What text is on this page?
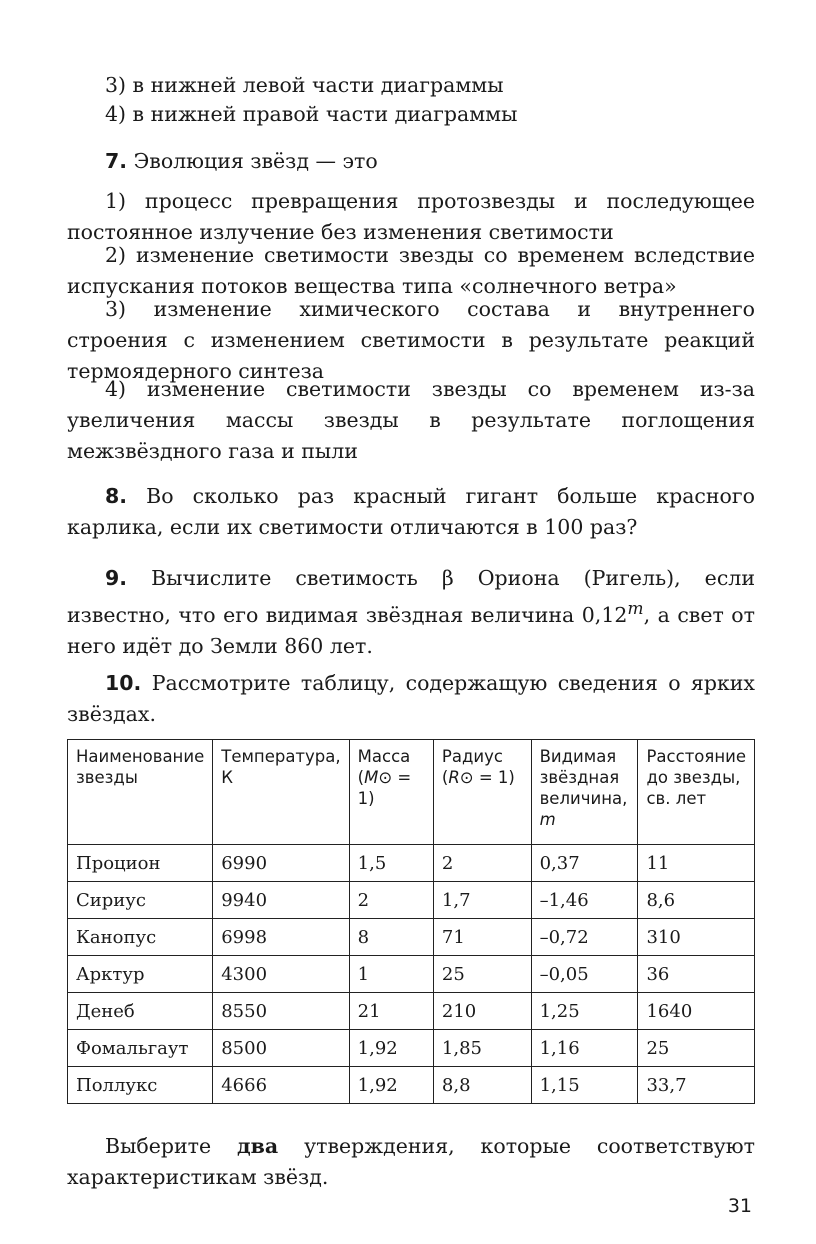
3) в нижней левой части диаграммы

4) в нижней правой части диаграммы

7. Эволюция звёзд — это

1) процесс превращения протозвезды и последующее постоянное излучение без изменения светимости

2) изменение светимости звезды со временем вследствие испускания потоков вещества типа «солнечного ветра»

3) изменение химического состава и внутреннего строения с изменением светимости в результате реакций термоядерного синтеза

4) изменение светимости звезды со временем из-за увеличения массы звезды в результате поглощения межзвёздного газа и пыли

8. Во сколько раз красный гигант больше красного карлика, если их светимости отличаются в 100 раз?

9. Вычислите светимость β Ориона (Ригель), если известно, что его видимая звёздная величина 0,12$^m$, а свет от него идёт до Земли 860 лет.

10. Рассмотрите таблицу, содержащую сведения о ярких звёздах.

Наименование звезды	Температура, К	Масса (M⊙ = 1)	Радиус (R⊙ = 1)	Видимая звёздная величина, m	Расстояние до звезды, св. лет
Процион	6990	1,5	2	0,37	11
Сириус	9940	2	1,7	–1,46	8,6
Канопус	6998	8	71	–0,72	310
Арктур	4300	1	25	–0,05	36
Денеб	8550	21	210	1,25	1640
Фомальгаут	8500	1,92	1,85	1,16	25
Поллукс	4666	1,92	8,8	1,15	33,7

Выберите два утверждения, которые соответствуют характеристикам звёзд.

31
